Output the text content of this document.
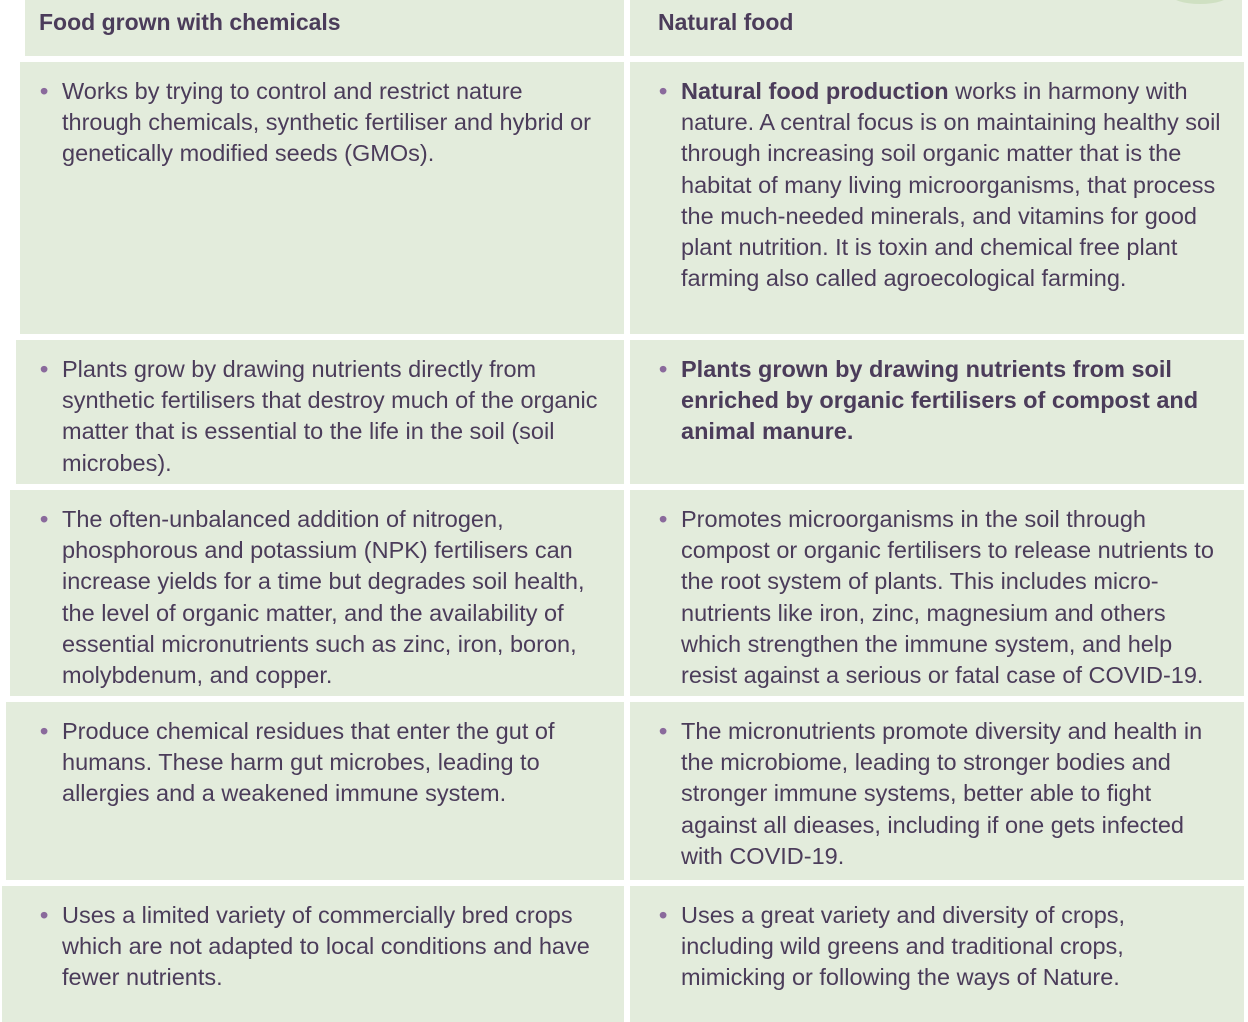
Food grown with chemicals	Natural food
• Works by trying to control and restrict nature through chemicals, synthetic fertiliser and hybrid or genetically modified seeds (GMOs).
• Natural food production works in harmony with nature. A central focus is on maintaining healthy soil through increasing soil organic matter that is the habitat of many living microorganisms, that process the much-needed minerals, and vitamins for good plant nutrition. It is toxin and chemical free plant farming also called agroecological farming.
• Plants grow by drawing nutrients directly from synthetic fertilisers that destroy much of the organic matter that is essential to the life in the soil (soil microbes).
• Plants grown by drawing nutrients from soil enriched by organic fertilisers of compost and animal manure.
• The often-unbalanced addition of nitrogen, phosphorous and potassium (NPK) fertilisers can increase yields for a time but degrades soil health, the level of organic matter, and the availability of essential micronutrients such as zinc, iron, boron, molybdenum, and copper.
• Promotes microorganisms in the soil through compost or organic fertilisers to release nutrients to the root system of plants. This includes micro-nutrients like iron, zinc, magnesium and others which strengthen the immune system, and help resist against a serious or fatal case of COVID-19.
• Produce chemical residues that enter the gut of humans. These harm gut microbes, leading to allergies and a weakened immune system.
• The micronutrients promote diversity and health in the microbiome, leading to stronger bodies and stronger immune systems, better able to fight against all dieases, including if one gets infected with COVID-19.
• Uses a limited variety of commercially bred crops which are not adapted to local conditions and have fewer nutrients.
• Uses a great variety and diversity of crops, including wild greens and traditional crops, mimicking or following the ways of Nature.
